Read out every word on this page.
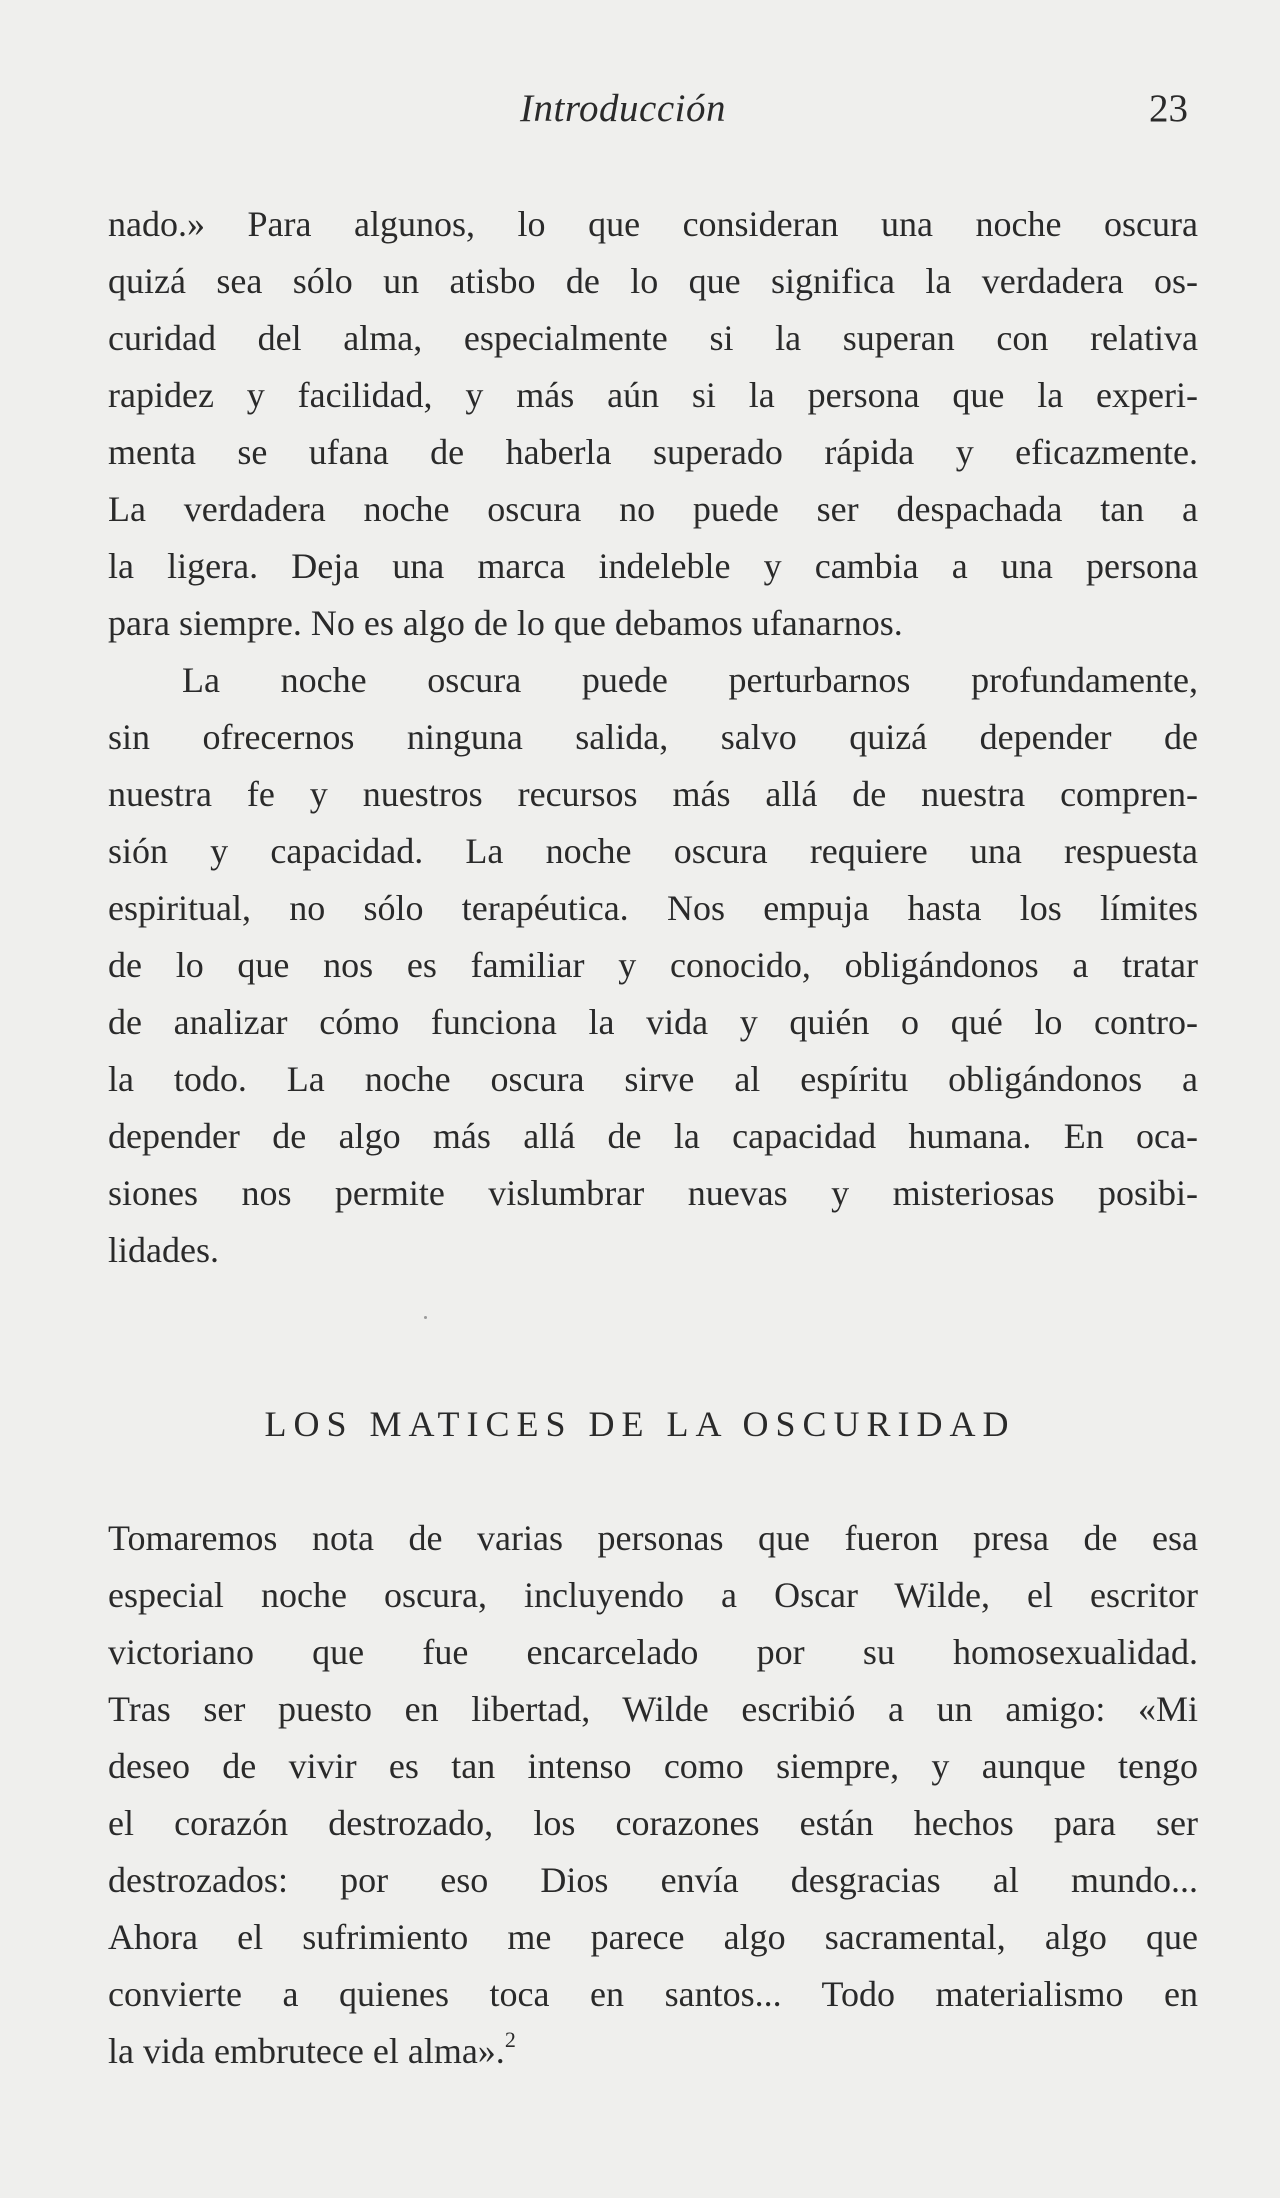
Introducción	23
nado.» Para algunos, lo que consideran una noche oscura
quizá sea sólo un atisbo de lo que significa la verdadera os-
curidad del alma, especialmente si la superan con relativa
rapidez y facilidad, y más aún si la persona que la experi-
menta se ufana de haberla superado rápida y eficazmente.
La verdadera noche oscura no puede ser despachada tan a
la ligera. Deja una marca indeleble y cambia a una persona
para siempre. No es algo de lo que debamos ufanarnos.
La noche oscura puede perturbarnos profundamente,
sin ofrecernos ninguna salida, salvo quizá depender de
nuestra fe y nuestros recursos más allá de nuestra compren-
sión y capacidad. La noche oscura requiere una respuesta
espiritual, no sólo terapéutica. Nos empuja hasta los límites
de lo que nos es familiar y conocido, obligándonos a tratar
de analizar cómo funciona la vida y quién o qué lo contro-
la todo. La noche oscura sirve al espíritu obligándonos a
depender de algo más allá de la capacidad humana. En oca-
siones nos permite vislumbrar nuevas y misteriosas posibi-
lidades.
LOS MATICES DE LA OSCURIDAD
Tomaremos nota de varias personas que fueron presa de esa
especial noche oscura, incluyendo a Oscar Wilde, el escritor
victoriano que fue encarcelado por su homosexualidad.
Tras ser puesto en libertad, Wilde escribió a un amigo: «Mi
deseo de vivir es tan intenso como siempre, y aunque tengo
el corazón destrozado, los corazones están hechos para ser
destrozados: por eso Dios envía desgracias al mundo...
Ahora el sufrimiento me parece algo sacramental, algo que
convierte a quienes toca en santos... Todo materialismo en
la vida embrutece el alma».$^2$
